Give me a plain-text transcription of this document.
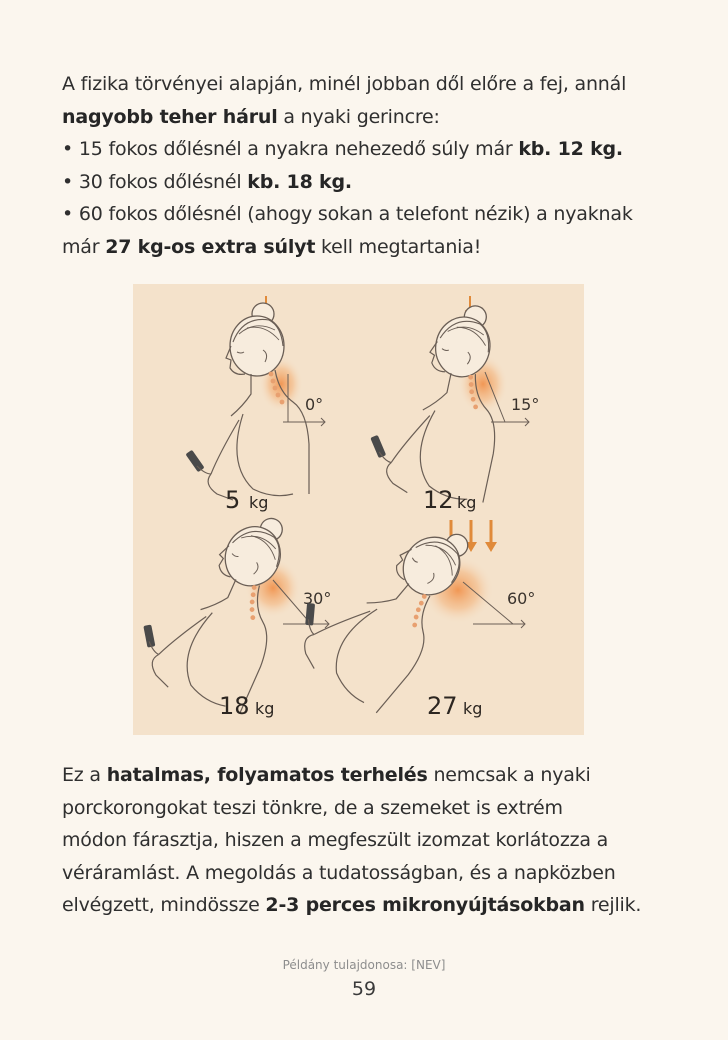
A fizika törvényei alapján, minél jobban dől előre a fej, annál
nagyobb teher hárul a nyaki gerincre:
• 15 fokos dőlésnél a nyakra nehezedő súly már kb. 12 kg.
• 30 fokos dőlésnél kb. 18 kg.
• 60 fokos dőlésnél (ahogy sokan a telefont nézik) a nyaknak
már 27 kg-os extra súlyt kell megtartania!
0°
5 kg
15°
12 kg
30°
18 kg
60°
27 kg
Ez a hatalmas, folyamatos terhelés nemcsak a nyaki
porckorongokat teszi tönkre, de a szemeket is extrém
módon fárasztja, hiszen a megfeszült izomzat korlátozza a
véráramlást. A megoldás a tudatosságban, és a napközben
elvégzett, mindössze 2-3 perces mikronyújtásokban rejlik.
Példány tulajdonosa: [NEV]
59
